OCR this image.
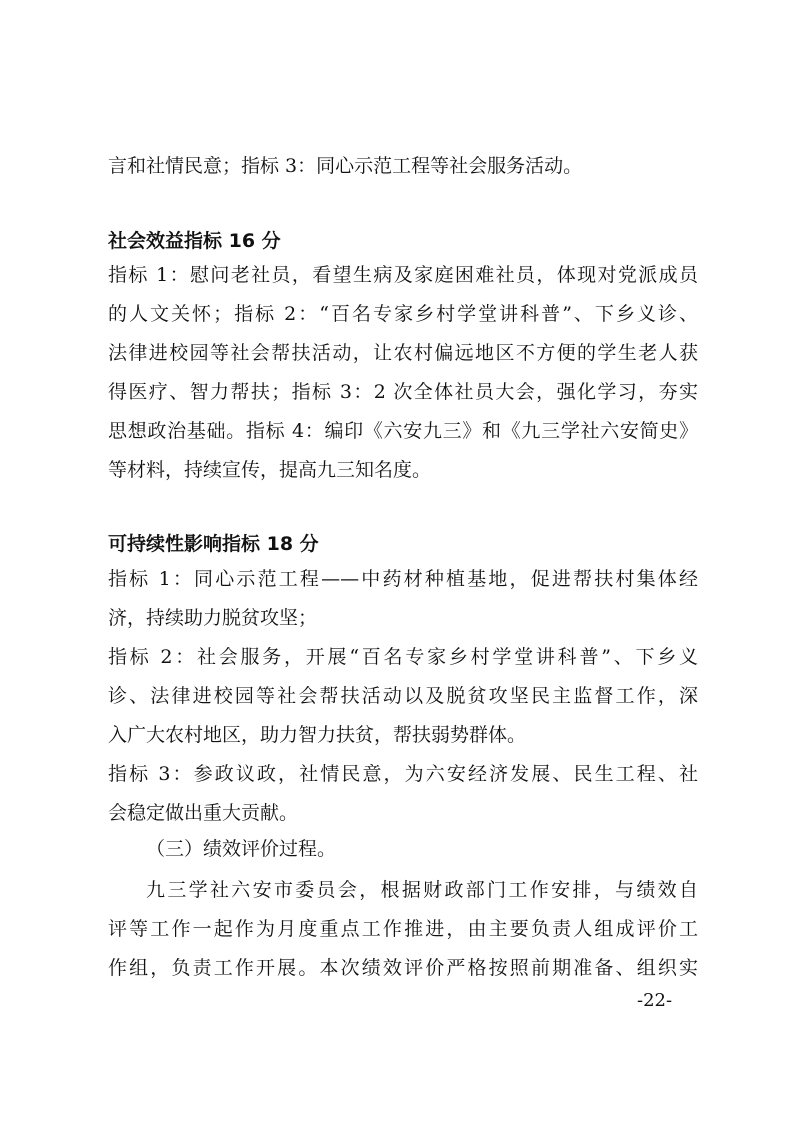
言和社情民意；指标 3：同心示范工程等社会服务活动。
社会效益指标 16 分
指标 1：慰问老社员，看望生病及家庭困难社员，体现对党派成员
的人文关怀；指标 2：“百名专家乡村学堂讲科普”、下乡义诊、
法律进校园等社会帮扶活动，让农村偏远地区不方便的学生老人获
得医疗、智力帮扶；指标 3：2 次全体社员大会，强化学习，夯实
思想政治基础。指标 4：编印《六安九三》和《九三学社六安简史》
等材料，持续宣传，提高九三知名度。
可持续性影响指标 18 分
指标 1：同心示范工程——中药材种植基地，促进帮扶村集体经
济，持续助力脱贫攻坚；
指标 2：社会服务，开展“百名专家乡村学堂讲科普”、下乡义
诊、法律进校园等社会帮扶活动以及脱贫攻坚民主监督工作，深
入广大农村地区，助力智力扶贫，帮扶弱势群体。
指标 3：参政议政，社情民意，为六安经济发展、民生工程、社
会稳定做出重大贡献。
（三）绩效评价过程。
九三学社六安市委员会，根据财政部门工作安排，与绩效自
评等工作一起作为月度重点工作推进，由主要负责人组成评价工
作组，负责工作开展。本次绩效评价严格按照前期准备、组织实
-22-
